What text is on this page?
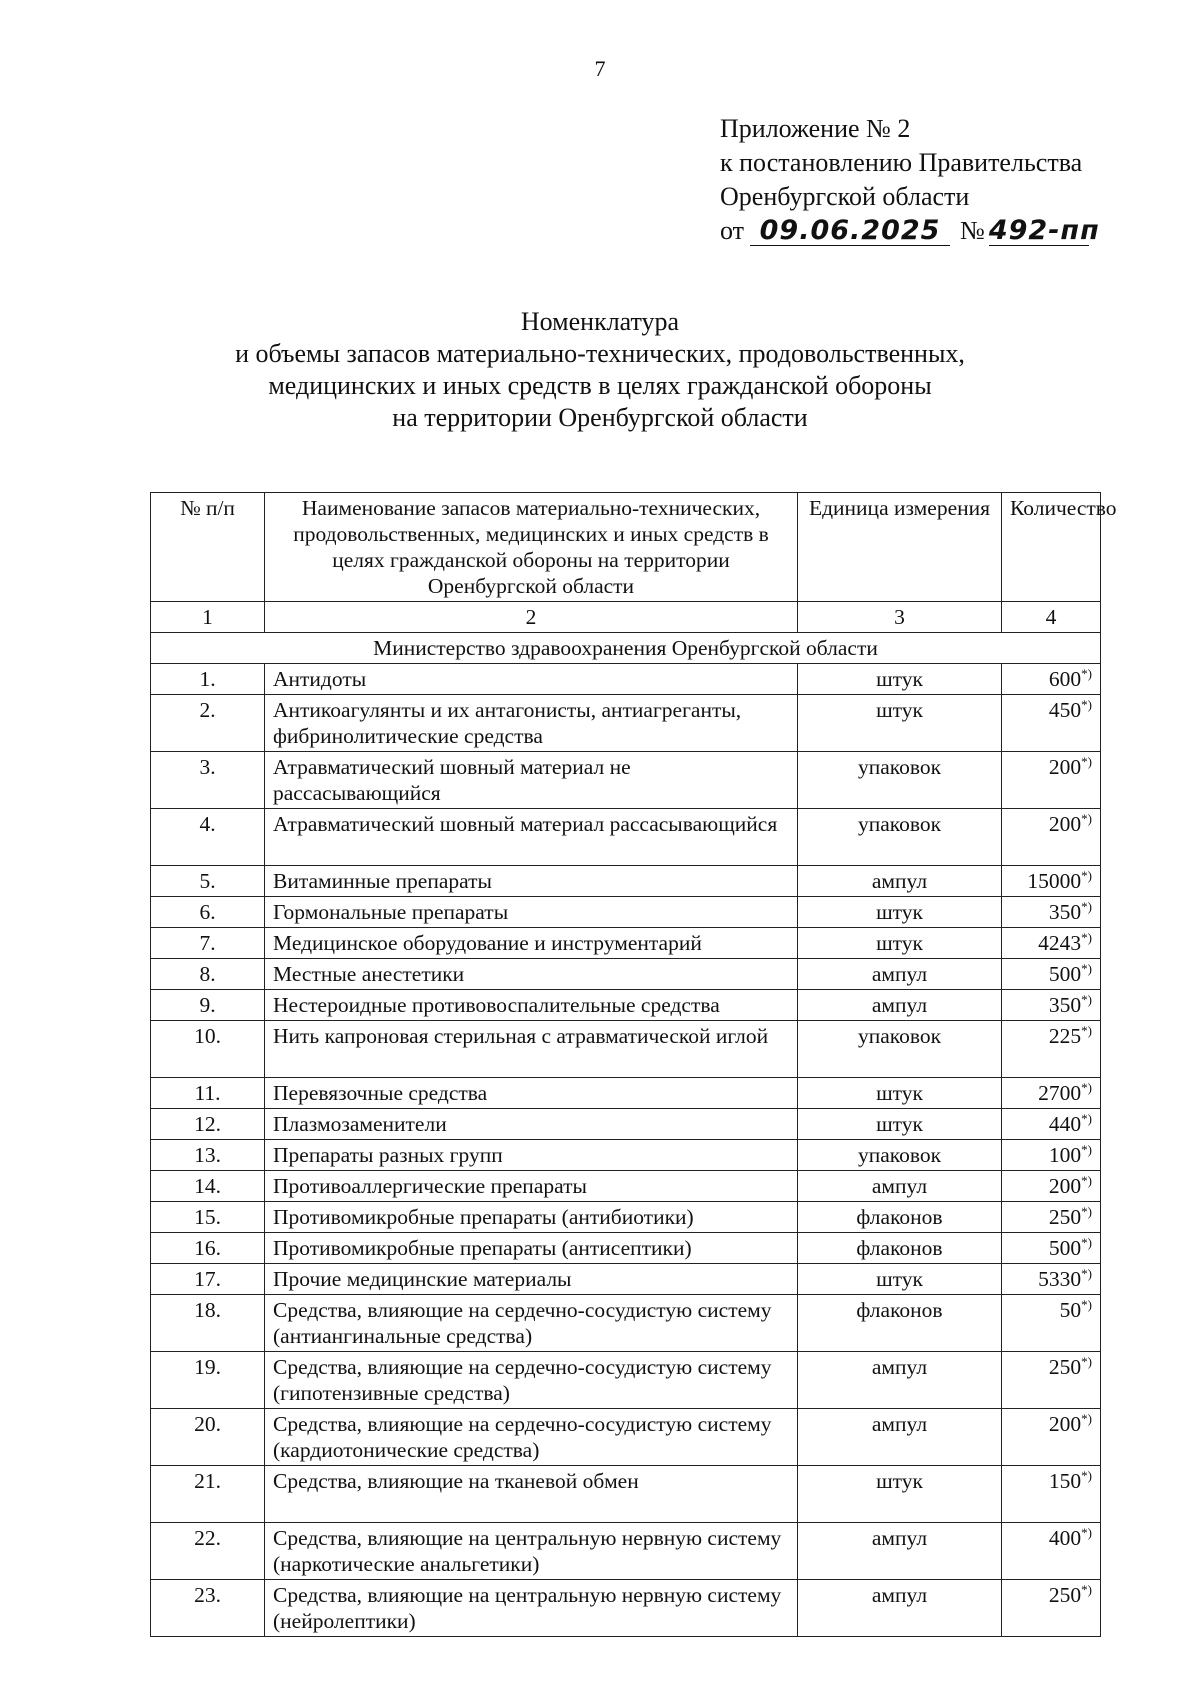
7
Приложение № 2
к постановлению Правительства
Оренбургской области
от 09.06.2025 № 492-пп
Номенклатура
и объемы запасов материально-технических, продовольственных,
медицинских и иных средств в целях гражданской обороны
на территории Оренбургской области
№ п/п	Наименование запасов материально-технических, продовольственных, медицинских и иных средств в целях гражданской обороны на территории Оренбургской области	Единица измерения	Количество
1	2	3	4
Министерство здравоохранения Оренбургской области			
1.	Антидоты	штук	600*)
2.	Антикоагулянты и их антагонисты, антиагреганты, фибринолитические средства	штук	450*)
3.	Атравматический шовный материал не рассасывающийся	упаковок	200*)
4.	Атравматический шовный материал рассасывающийся	упаковок	200*)
5.	Витаминные препараты	ампул	15000*)
6.	Гормональные препараты	штук	350*)
7.	Медицинское оборудование и инструментарий	штук	4243*)
8.	Местные анестетики	ампул	500*)
9.	Нестероидные противовоспалительные средства	ампул	350*)
10.	Нить капроновая стерильная с атравматической иглой	упаковок	225*)
11.	Перевязочные средства	штук	2700*)
12.	Плазмозаменители	штук	440*)
13.	Препараты разных групп	упаковок	100*)
14.	Противоаллергические препараты	ампул	200*)
15.	Противомикробные препараты (антибиотики)	флаконов	250*)
16.	Противомикробные препараты (антисептики)	флаконов	500*)
17.	Прочие медицинские материалы	штук	5330*)
18.	Средства, влияющие на сердечно-сосудистую систему (антиангинальные средства)	флаконов	50*)
19.	Средства, влияющие на сердечно-сосудистую систему (гипотензивные средства)	ампул	250*)
20.	Средства, влияющие на сердечно-сосудистую систему (кардиотонические средства)	ампул	200*)
21.	Средства, влияющие на тканевой обмен	штук	150*)
22.	Средства, влияющие на центральную нервную систему (наркотические анальгетики)	ампул	400*)
23.	Средства, влияющие на центральную нервную систему (нейролептики)	ампул	250*)
